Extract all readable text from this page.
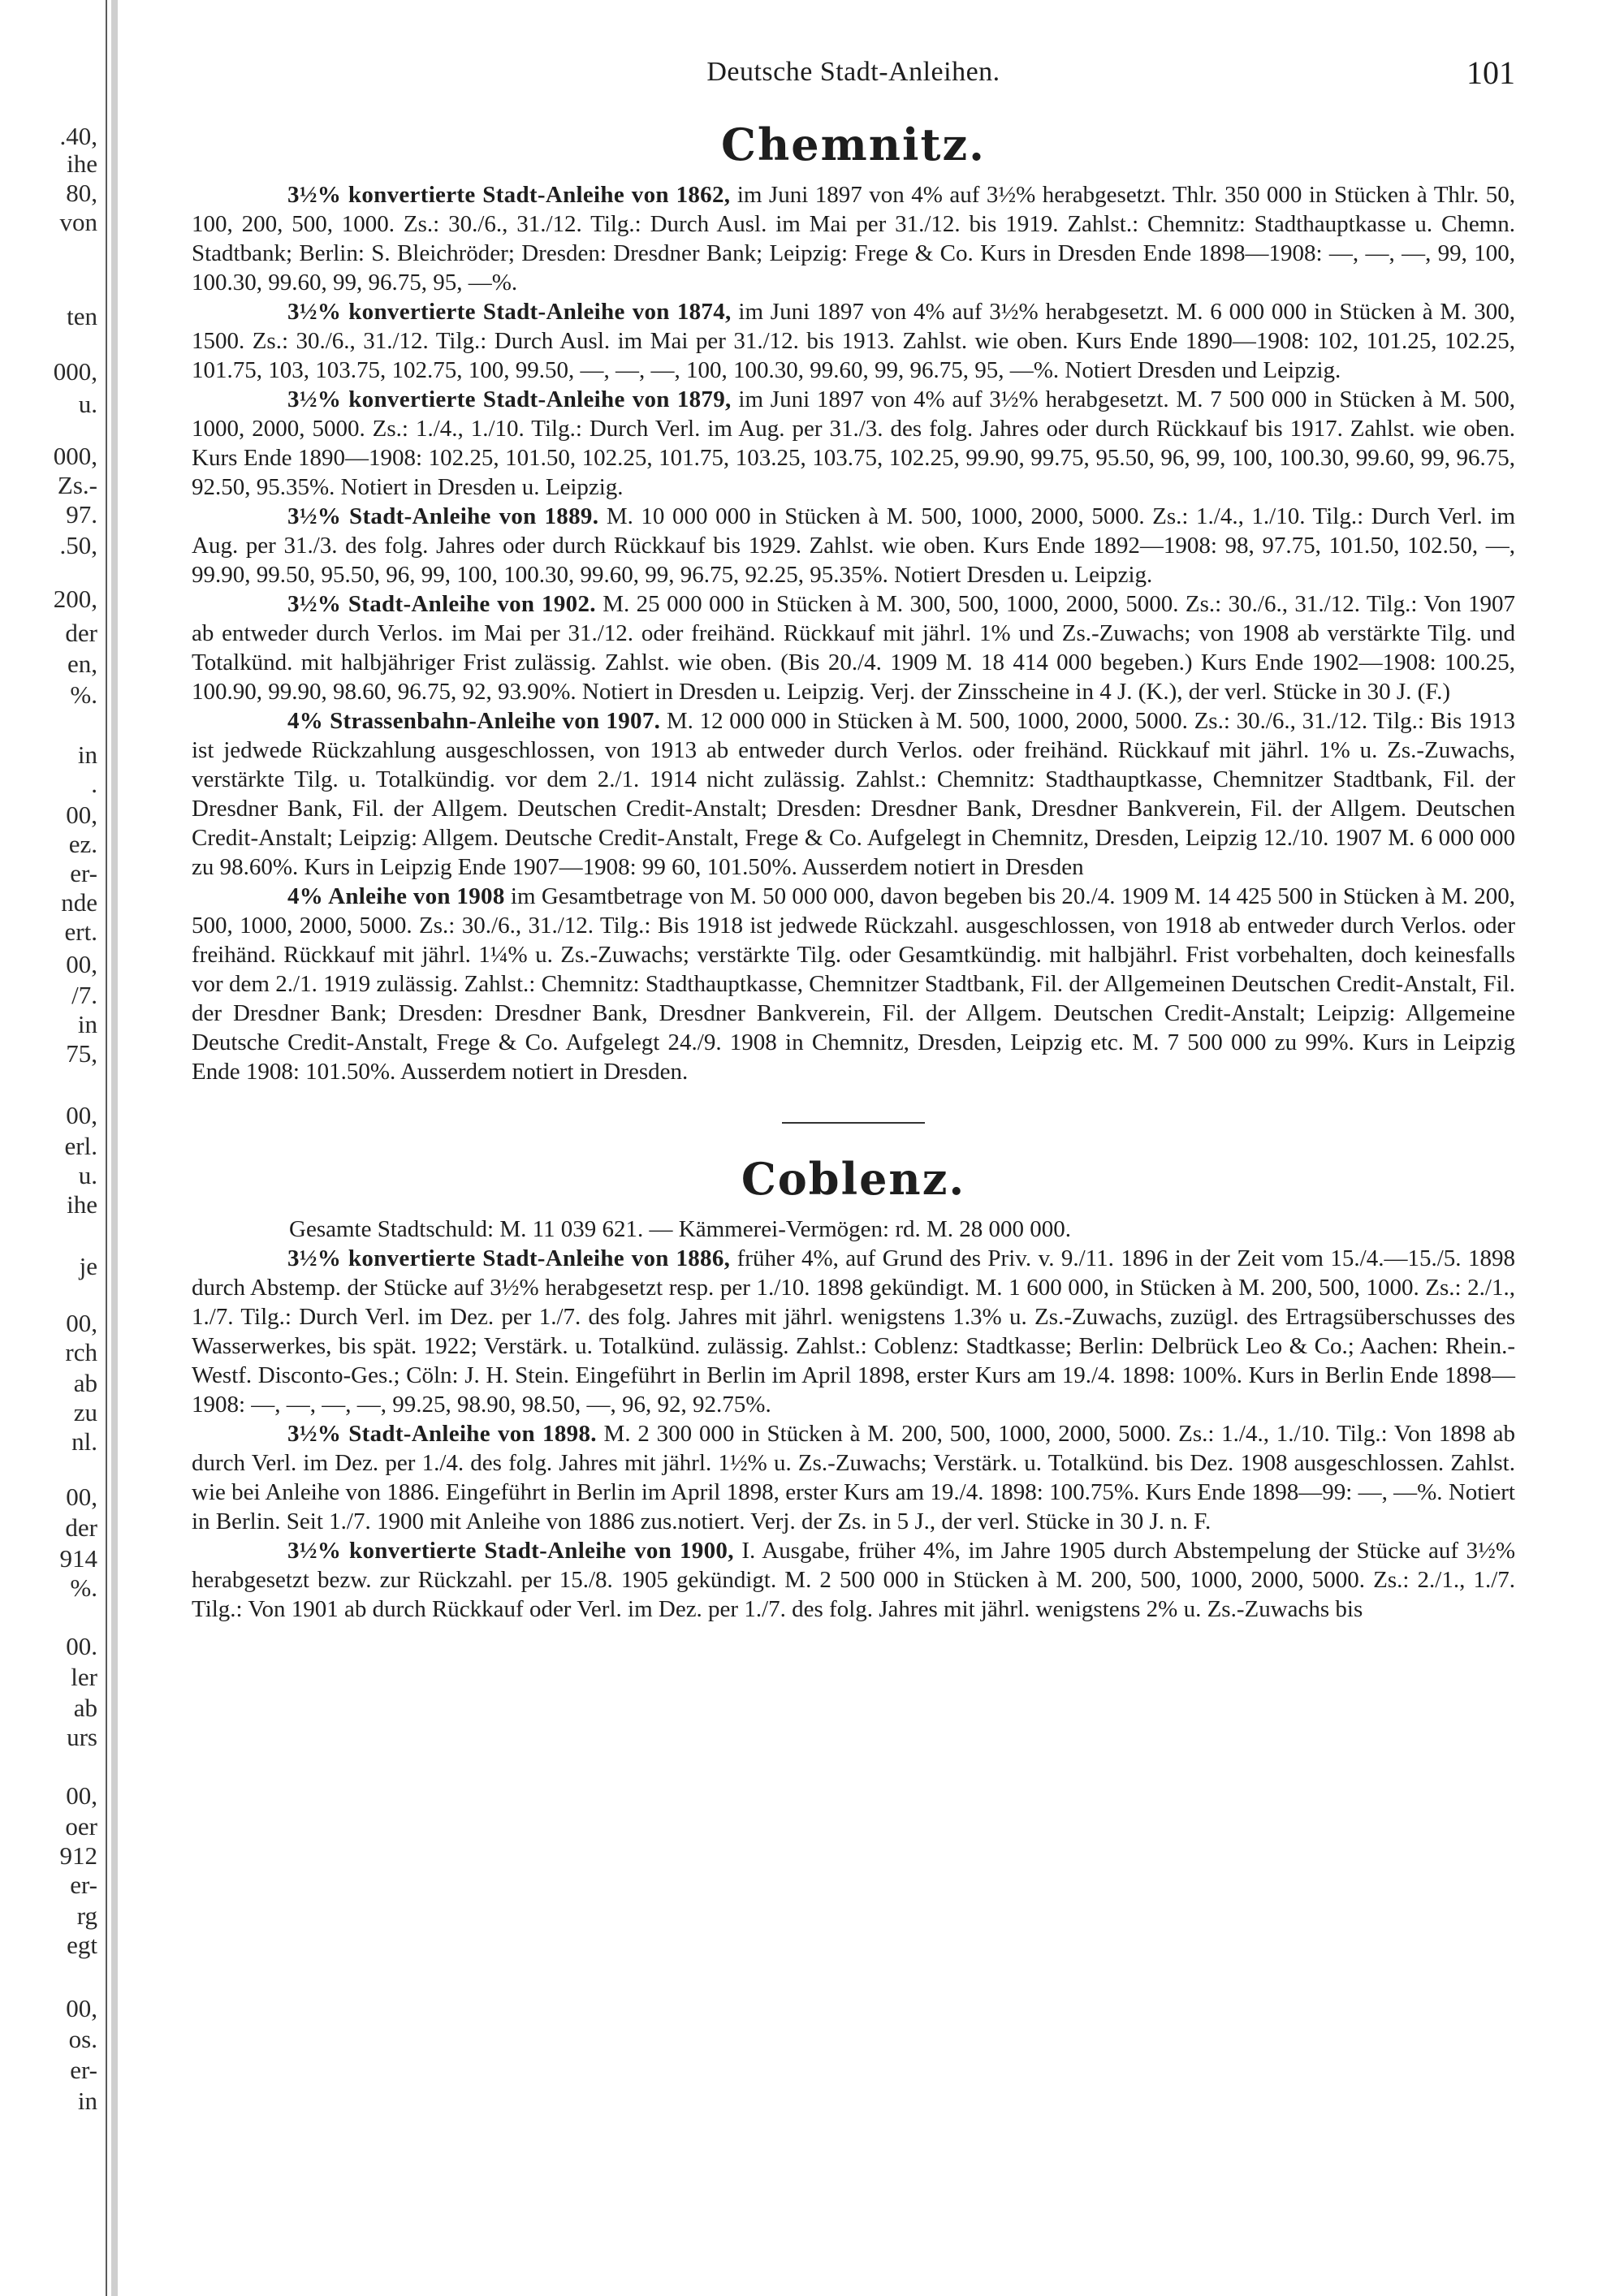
.40,
ihe
80,
von
ten
000,
u.
000,
Zs.-
97.
.50,
200,
der
en,
%.
in
.
00,
ez.
er-
nde
ert.
00,
/7.
in
75,
00,
erl.
u.
ihe
je
00,
rch
ab
zu
nl.
00,
der
914
%.
00.
ler
ab
urs
00,
oer
912
er-
rg
egt
00,
os.
er-
in
Deutsche Stadt-Anleihen.	101
Chemnitz.

3½% konvertierte Stadt-Anleihe von 1862, im Juni 1897 von 4% auf 3½% herabgesetzt. Thlr. 350 000 in Stücken à Thlr. 50, 100, 200, 500, 1000. Zs.: 30./6., 31./12. Tilg.: Durch Ausl. im Mai per 31./12. bis 1919. Zahlst.: Chemnitz: Stadthauptkasse u. Chemn. Stadtbank; Berlin: S. Bleichröder; Dresden: Dresdner Bank; Leipzig: Frege & Co. Kurs in Dresden Ende 1898—1908: —, —, —, 99, 100, 100.30, 99.60, 99, 96.75, 95, —%.

3½% konvertierte Stadt-Anleihe von 1874, im Juni 1897 von 4% auf 3½% herabgesetzt. M. 6 000 000 in Stücken à M. 300, 1500. Zs.: 30./6., 31./12. Tilg.: Durch Ausl. im Mai per 31./12. bis 1913. Zahlst. wie oben. Kurs Ende 1890—1908: 102, 101.25, 102.25, 101.75, 103, 103.75, 102.75, 100, 99.50, —, —, —, 100, 100.30, 99.60, 99, 96.75, 95, —%. Notiert Dresden und Leipzig.

3½% konvertierte Stadt-Anleihe von 1879, im Juni 1897 von 4% auf 3½% herabgesetzt. M. 7 500 000 in Stücken à M. 500, 1000, 2000, 5000. Zs.: 1./4., 1./10. Tilg.: Durch Verl. im Aug. per 31./3. des folg. Jahres oder durch Rückkauf bis 1917. Zahlst. wie oben. Kurs Ende 1890—1908: 102.25, 101.50, 102.25, 101.75, 103.25, 103.75, 102.25, 99.90, 99.75, 95.50, 96, 99, 100, 100.30, 99.60, 99, 96.75, 92.50, 95.35%. Notiert in Dresden u. Leipzig.

3½% Stadt-Anleihe von 1889. M. 10 000 000 in Stücken à M. 500, 1000, 2000, 5000. Zs.: 1./4., 1./10. Tilg.: Durch Verl. im Aug. per 31./3. des folg. Jahres oder durch Rückkauf bis 1929. Zahlst. wie oben. Kurs Ende 1892—1908: 98, 97.75, 101.50, 102.50, —, 99.90, 99.50, 95.50, 96, 99, 100, 100.30, 99.60, 99, 96.75, 92.25, 95.35%. Notiert Dresden u. Leipzig.

3½% Stadt-Anleihe von 1902. M. 25 000 000 in Stücken à M. 300, 500, 1000, 2000, 5000. Zs.: 30./6., 31./12. Tilg.: Von 1907 ab entweder durch Verlos. im Mai per 31./12. oder freihänd. Rückkauf mit jährl. 1% und Zs.-Zuwachs; von 1908 ab verstärkte Tilg. und Totalkünd. mit halbjähriger Frist zulässig. Zahlst. wie oben. (Bis 20./4. 1909 M. 18 414 000 begeben.) Kurs Ende 1902—1908: 100.25, 100.90, 99.90, 98.60, 96.75, 92, 93.90%. Notiert in Dresden u. Leipzig. Verj. der Zinsscheine in 4 J. (K.), der verl. Stücke in 30 J. (F.)

4% Strassenbahn-Anleihe von 1907. M. 12 000 000 in Stücken à M. 500, 1000, 2000, 5000. Zs.: 30./6., 31./12. Tilg.: Bis 1913 ist jedwede Rückzahlung ausgeschlossen, von 1913 ab entweder durch Verlos. oder freihänd. Rückkauf mit jährl. 1% u. Zs.-Zuwachs, verstärkte Tilg. u. Totalkündig. vor dem 2./1. 1914 nicht zulässig. Zahlst.: Chemnitz: Stadthauptkasse, Chemnitzer Stadtbank, Fil. der Dresdner Bank, Fil. der Allgem. Deutschen Credit-Anstalt; Dresden: Dresdner Bank, Dresdner Bankverein, Fil. der Allgem. Deutschen Credit-Anstalt; Leipzig: Allgem. Deutsche Credit-Anstalt, Frege & Co. Aufgelegt in Chemnitz, Dresden, Leipzig 12./10. 1907 M. 6 000 000 zu 98.60%. Kurs in Leipzig Ende 1907—1908: 99 60, 101.50%. Ausserdem notiert in Dresden

4% Anleihe von 1908 im Gesamtbetrage von M. 50 000 000, davon begeben bis 20./4. 1909 M. 14 425 500 in Stücken à M. 200, 500, 1000, 2000, 5000. Zs.: 30./6., 31./12. Tilg.: Bis 1918 ist jedwede Rückzahl. ausgeschlossen, von 1918 ab entweder durch Verlos. oder freihänd. Rückkauf mit jährl. 1¼% u. Zs.-Zuwachs; verstärkte Tilg. oder Gesamtkündig. mit halbjährl. Frist vorbehalten, doch keinesfalls vor dem 2./1. 1919 zulässig. Zahlst.: Chemnitz: Stadthauptkasse, Chemnitzer Stadtbank, Fil. der Allgemeinen Deutschen Credit-Anstalt, Fil. der Dresdner Bank; Dresden: Dresdner Bank, Dresdner Bankverein, Fil. der Allgem. Deutschen Credit-Anstalt; Leipzig: Allgemeine Deutsche Credit-Anstalt, Frege & Co. Aufgelegt 24./9. 1908 in Chemnitz, Dresden, Leipzig etc. M. 7 500 000 zu 99%. Kurs in Leipzig Ende 1908: 101.50%. Ausserdem notiert in Dresden.

Coblenz.

Gesamte Stadtschuld: M. 11 039 621. — Kämmerei-Vermögen: rd. M. 28 000 000.

3½% konvertierte Stadt-Anleihe von 1886, früher 4%, auf Grund des Priv. v. 9./11. 1896 in der Zeit vom 15./4.—15./5. 1898 durch Abstemp. der Stücke auf 3½% herabgesetzt resp. per 1./10. 1898 gekündigt. M. 1 600 000, in Stücken à M. 200, 500, 1000. Zs.: 2./1., 1./7. Tilg.: Durch Verl. im Dez. per 1./7. des folg. Jahres mit jährl. wenigstens 1.3% u. Zs.-Zuwachs, zuzügl. des Ertragsüberschusses des Wasserwerkes, bis spät. 1922; Verstärk. u. Totalkünd. zulässig. Zahlst.: Coblenz: Stadtkasse; Berlin: Delbrück Leo & Co.; Aachen: Rhein.-Westf. Disconto-Ges.; Cöln: J. H. Stein. Eingeführt in Berlin im April 1898, erster Kurs am 19./4. 1898: 100%. Kurs in Berlin Ende 1898—1908: —, —, —, —, 99.25, 98.90, 98.50, —, 96, 92, 92.75%.

3½% Stadt-Anleihe von 1898. M. 2 300 000 in Stücken à M. 200, 500, 1000, 2000, 5000. Zs.: 1./4., 1./10. Tilg.: Von 1898 ab durch Verl. im Dez. per 1./4. des folg. Jahres mit jährl. 1½% u. Zs.-Zuwachs; Verstärk. u. Totalkünd. bis Dez. 1908 ausgeschlossen. Zahlst. wie bei Anleihe von 1886. Eingeführt in Berlin im April 1898, erster Kurs am 19./4. 1898: 100.75%. Kurs Ende 1898—99: —, —%. Notiert in Berlin. Seit 1./7. 1900 mit Anleihe von 1886 zus.notiert. Verj. der Zs. in 5 J., der verl. Stücke in 30 J. n. F.

3½% konvertierte Stadt-Anleihe von 1900, I. Ausgabe, früher 4%, im Jahre 1905 durch Abstempelung der Stücke auf 3½% herabgesetzt bezw. zur Rückzahl. per 15./8. 1905 gekündigt. M. 2 500 000 in Stücken à M. 200, 500, 1000, 2000, 5000. Zs.: 2./1., 1./7. Tilg.: Von 1901 ab durch Rückkauf oder Verl. im Dez. per 1./7. des folg. Jahres mit jährl. wenigstens 2% u. Zs.-Zuwachs bis
